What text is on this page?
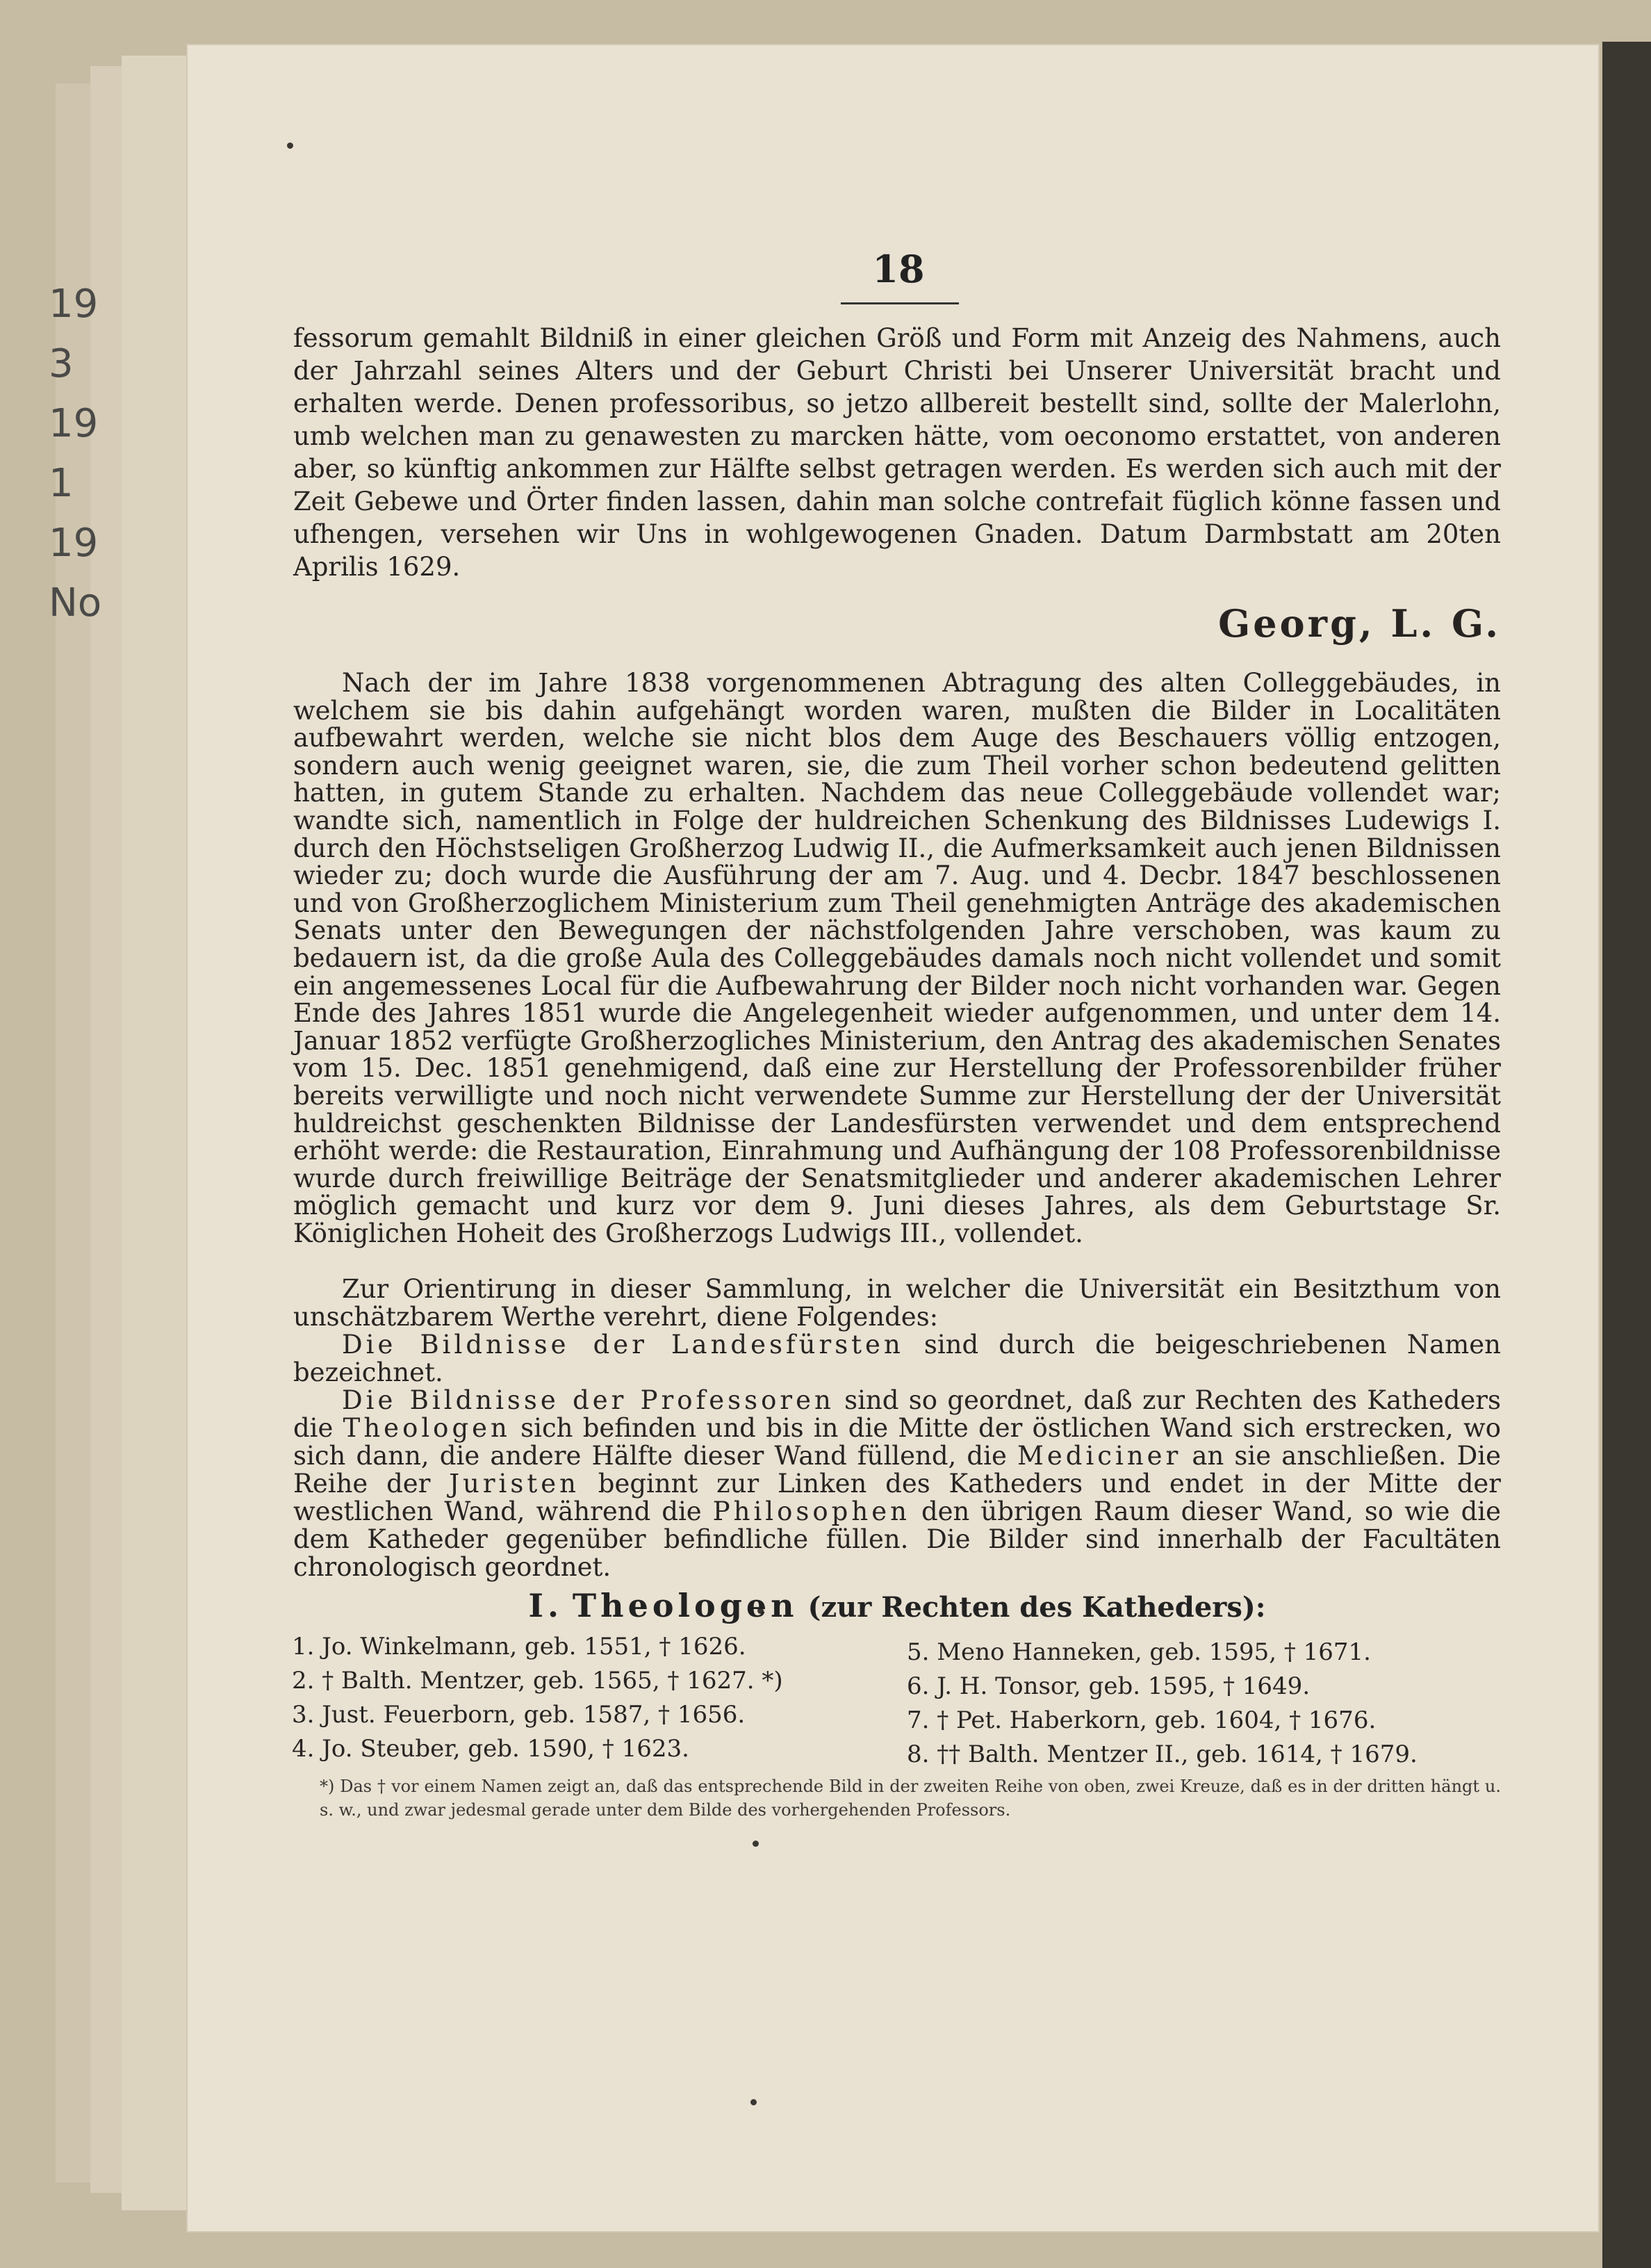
19
3
19
1
19
No
18

fessorum gemahlt Bildniß in einer gleichen Größ und Form mit Anzeig des Nahmens, auch der Jahrzahl seines Alters und der Geburt Christi bei Unserer Universität bracht und erhalten werde. Denen professoribus, so jetzo allbereit bestellt sind, sollte der Malerlohn, umb welchen man zu genawesten zu marcken hätte, vom oeconomo erstattet, von anderen aber, so künftig ankommen zur Hälfte selbst getragen werden. Es werden sich auch mit der Zeit Gebewe und Örter finden lassen, dahin man solche contrefait füglich könne fassen und ufhengen, versehen wir Uns in wohlgewogenen Gnaden. Datum Darmbstatt am 20ten Aprilis 1629.

Georg, L. G.

Nach der im Jahre 1838 vorgenommenen Abtragung des alten Colleggebäudes, in welchem sie bis dahin aufgehängt worden waren, mußten die Bilder in Localitäten aufbewahrt werden, welche sie nicht blos dem Auge des Beschauers völlig entzogen, sondern auch wenig geeignet waren, sie, die zum Theil vorher schon bedeutend gelitten hatten, in gutem Stande zu erhalten. Nachdem das neue Colleggebäude vollendet war; wandte sich, namentlich in Folge der huldreichen Schenkung des Bildnisses Ludewigs I. durch den Höchstseligen Großherzog Ludwig II., die Aufmerksamkeit auch jenen Bildnissen wieder zu; doch wurde die Ausführung der am 7. Aug. und 4. Decbr. 1847 beschlossenen und von Großherzoglichem Ministerium zum Theil genehmigten Anträge des akademischen Senats unter den Bewegungen der nächstfolgenden Jahre verschoben, was kaum zu bedauern ist, da die große Aula des Colleggebäudes damals noch nicht vollendet und somit ein angemessenes Local für die Aufbewahrung der Bilder noch nicht vorhanden war. Gegen Ende des Jahres 1851 wurde die Angelegenheit wieder aufgenommen, und unter dem 14. Januar 1852 verfügte Großherzogliches Ministerium, den Antrag des akademischen Senates vom 15. Dec. 1851 genehmigend, daß eine zur Herstellung der Professorenbilder früher bereits verwilligte und noch nicht verwendete Summe zur Herstellung der der Universität huldreichst geschenkten Bildnisse der Landesfürsten verwendet und dem entsprechend erhöht werde: die Restauration, Einrahmung und Aufhängung der 108 Professorenbildnisse wurde durch freiwillige Beiträge der Senatsmitglieder und anderer akademischen Lehrer möglich gemacht und kurz vor dem 9. Juni dieses Jahres, als dem Geburtstage Sr. Königlichen Hoheit des Großherzogs Ludwigs III., vollendet.

Zur Orientirung in dieser Sammlung, in welcher die Universität ein Besitzthum von unschätzbarem Werthe verehrt, diene Folgendes:

Die Bildnisse der Landesfürsten sind durch die beigeschriebenen Namen bezeichnet.

Die Bildnisse der Professoren sind so geordnet, daß zur Rechten des Katheders die Theologen sich befinden und bis in die Mitte der östlichen Wand sich erstrecken, wo sich dann, die andere Hälfte dieser Wand füllend, die Mediciner an sie anschließen. Die Reihe der Juristen beginnt zur Linken des Katheders und endet in der Mitte der westlichen Wand, während die Philosophen den übrigen Raum dieser Wand, so wie die dem Katheder gegenüber befindliche füllen. Die Bilder sind innerhalb der Facultäten chronologisch geordnet.

I. Theologen (zur Rechten des Katheders):
1. Jo. Winkelmann, geb. 1551, † 1626.
2. † Balth. Mentzer, geb. 1565, † 1627. *)
3. Just. Feuerborn, geb. 1587, † 1656.
4. Jo. Steuber, geb. 1590, † 1623.
5. Meno Hanneken, geb. 1595, † 1671.
6. J. H. Tonsor, geb. 1595, † 1649.
7. † Pet. Haberkorn, geb. 1604, † 1676.
8. †† Balth. Mentzer II., geb. 1614, † 1679.

*) Das † vor einem Namen zeigt an, daß das entsprechende Bild in der zweiten Reihe von oben, zwei Kreuze, daß es in der dritten hängt u. s. w., und zwar jedesmal gerade unter dem Bilde des vorhergehenden Professors.
